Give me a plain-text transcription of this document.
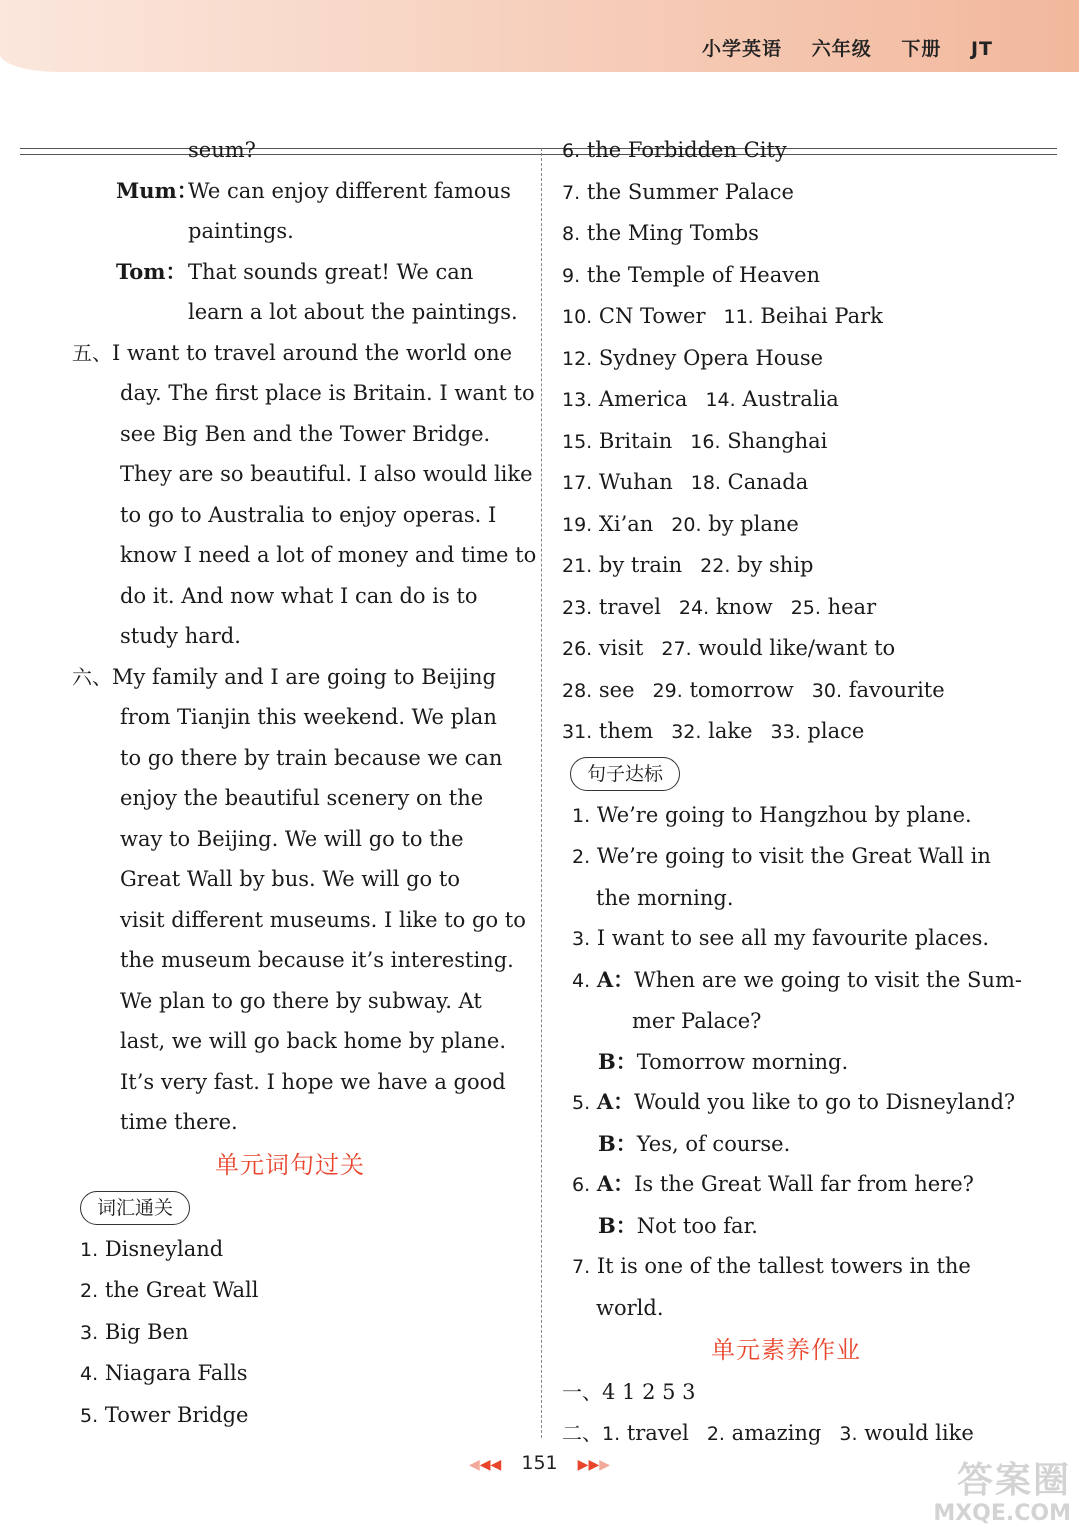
小学英语 六年级 下册 JT
seum?
Mum：We can enjoy different famous
paintings.
Tom：That sounds great! We can
learn a lot about the paintings.
五、I want to travel around the world one
day. The first place is Britain. I want to
see Big Ben and the Tower Bridge.
They are so beautiful. I also would like
to go to Australia to enjoy operas. I
know I need a lot of money and time to
do it. And now what I can do is to
study hard.
六、My family and I are going to Beijing
from Tianjin this weekend. We plan
to go there by train because we can
enjoy the beautiful scenery on the
way to Beijing. We will go to the
Great Wall by bus. We will go to
visit different museums. I like to go to
the museum because it’s interesting.
We plan to go there by subway. At
last, we will go back home by plane.
It’s very fast. I hope we have a good
time there.
单元词句过关
词汇通关
1. Disneyland
2. the Great Wall
3. Big Ben
4. Niagara Falls
5. Tower Bridge
6. the Forbidden City
7. the Summer Palace
8. the Ming Tombs
9. the Temple of Heaven
10. CN Tower 11. Beihai Park
12. Sydney Opera House
13. America 14. Australia
15. Britain 16. Shanghai
17. Wuhan 18. Canada
19. Xi’an 20. by plane
21. by train 22. by ship
23. travel 24. know 25. hear
26. visit 27. would like/want to
28. see 29. tomorrow 30. favourite
31. them 32. lake 33. place
句子达标
1. We’re going to Hangzhou by plane.
2. We’re going to visit the Great Wall in
the morning.
3. I want to see all my favourite places.
4. A：When are we going to visit the Sum-
mer Palace?
B：Tomorrow morning.
5. A：Would you like to go to Disneyland?
B：Yes, of course.
6. A：Is the Great Wall far from here?
B：Not too far.
7. It is one of the tallest towers in the
world.
单元素养作业
一、4 1 2 5 3
二、1. travel 2. amazing 3. would like
◀◀◀ 151 ▶▶▶	答案圈
MXQE.COM
